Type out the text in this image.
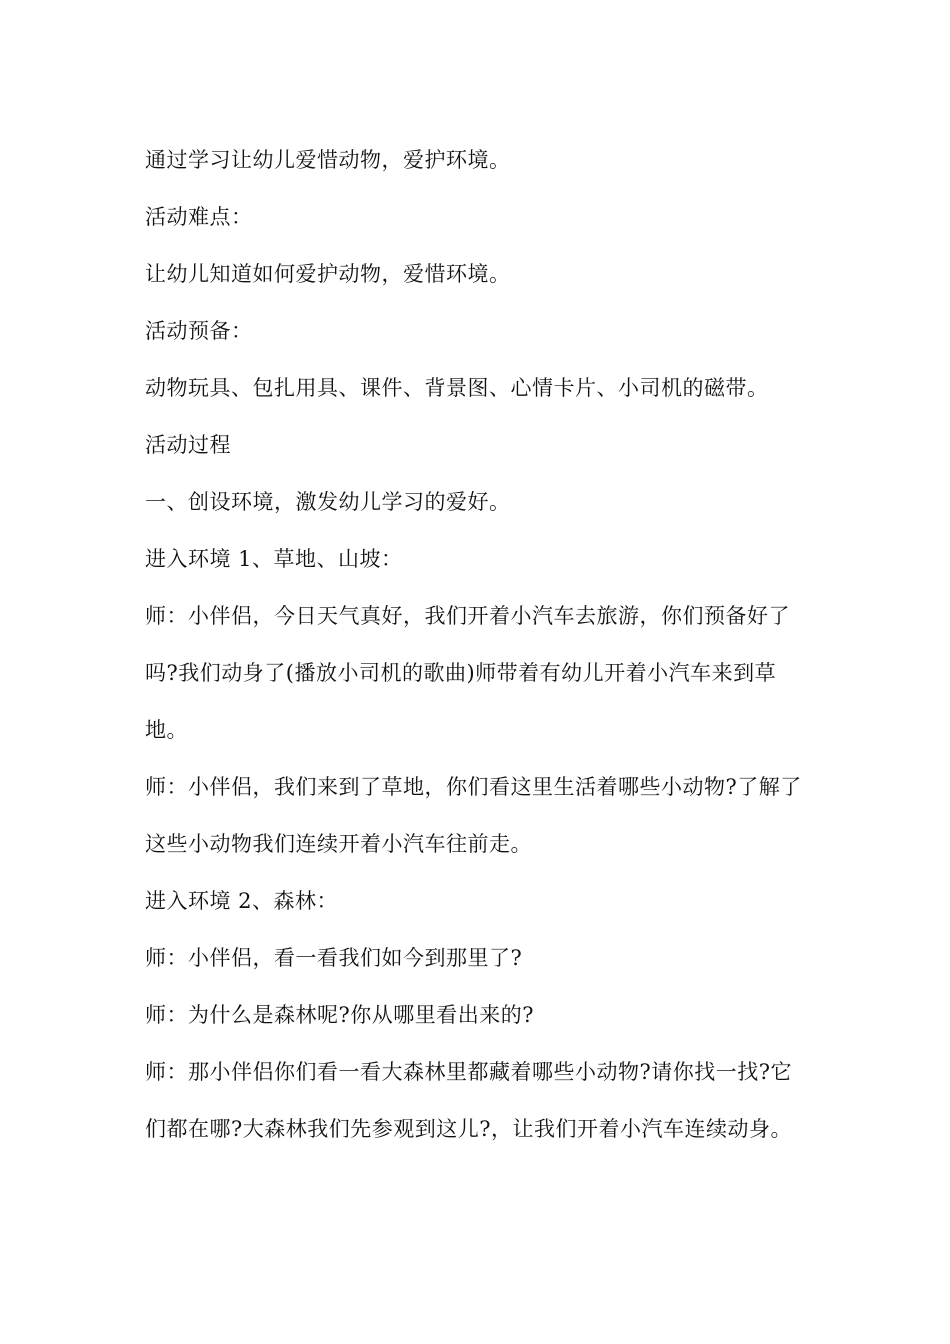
通过学习让幼儿爱惜动物，爱护环境。

活动难点：

让幼儿知道如何爱护动物，爱惜环境。

活动预备：

动物玩具、包扎用具、课件、背景图、心情卡片、小司机的磁带。

活动过程

一、创设环境，激发幼儿学习的爱好。

进入环境 1、草地、山坡：

师：小伴侣，今日天气真好，我们开着小汽车去旅游，你们预备好了吗?我们动身了(播放小司机的歌曲)师带着有幼儿开着小汽车来到草地。

师：小伴侣，我们来到了草地，你们看这里生活着哪些小动物?了解了这些小动物我们连续开着小汽车往前走。

进入环境 2、森林：

师：小伴侣，看一看我们如今到那里了?

师：为什么是森林呢?你从哪里看出来的?

师：那小伴侣你们看一看大森林里都藏着哪些小动物?请你找一找?它们都在哪?大森林我们先参观到这儿?，让我们开着小汽车连续动身。
